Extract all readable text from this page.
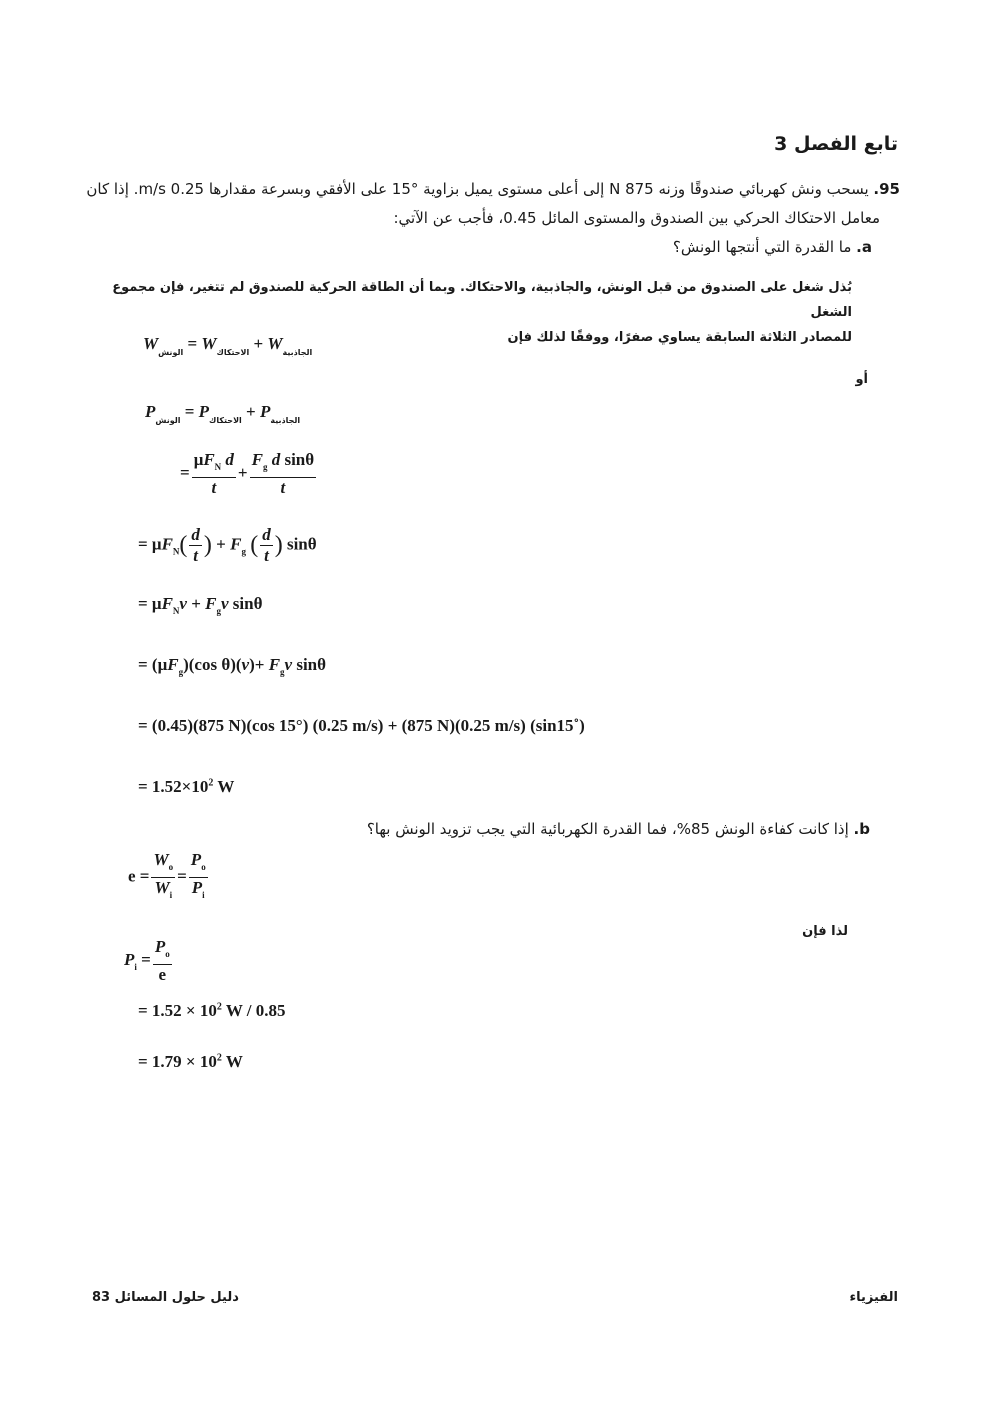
تابع الفصل 3
95. يسحب ونش كهربائي صندوقًا وزنه N 875 إلى أعلى مستوى يميل بزاوية °15 على الأفقي وبسرعة مقدارها m/s 0.25. إذا كان
معامل الاحتكاك الحركي بين الصندوق والمستوى المائل 0.45، فأجب عن الآتي:
a. ما القدرة التي أنتجها الونش؟
بُذل شغل على الصندوق من قبل الونش، والجاذبية، والاحتكاك. وبما أن الطاقة الحركية للصندوق لم تتغير، فإن مجموع الشغل
للمصادر الثلاثة السابقة يساوي صفرًا، ووفقًا لذلك فإن
$W_{الونش} = W_{الاحتكاك} + W_{الجاذبية}$
أو
$P_{الونش} = P_{الاحتكاك} + P_{الجاذبية}$
= $\frac{\mu F_N d}{t} + \frac{F_g d \sin\theta}{t}$
= $\mu F_N( \frac{d}{t}$ ) + $F_g$ ( $\frac{d}{t}$ ) sinθ
= $\mu F_Nv + F_gv$ sinθ
= $(\mu F_g)(\cos$ $\theta)(v)+ F_gv$ sinθ
= (0.45)(875 N)(cos 15°) (0.25 m/s) + (875 N)(0.25 m/s) (sin15˚)
= $1.52\times 10^2$ W
b. إذا كانت كفاءة الونش 85%، فما القدرة الكهربائية التي يجب تزويد الونش بها؟
$e = \frac{W_o}{W_i} = \frac{P_o}{P_i}$
لذا فإن
$P_i = \frac{P_o}{e}$
= $1.52 \times 10^2$ W / 0.85
= $1.79 \times 10^2$ W
دليل حلول المسائل 83	الفيزياء
